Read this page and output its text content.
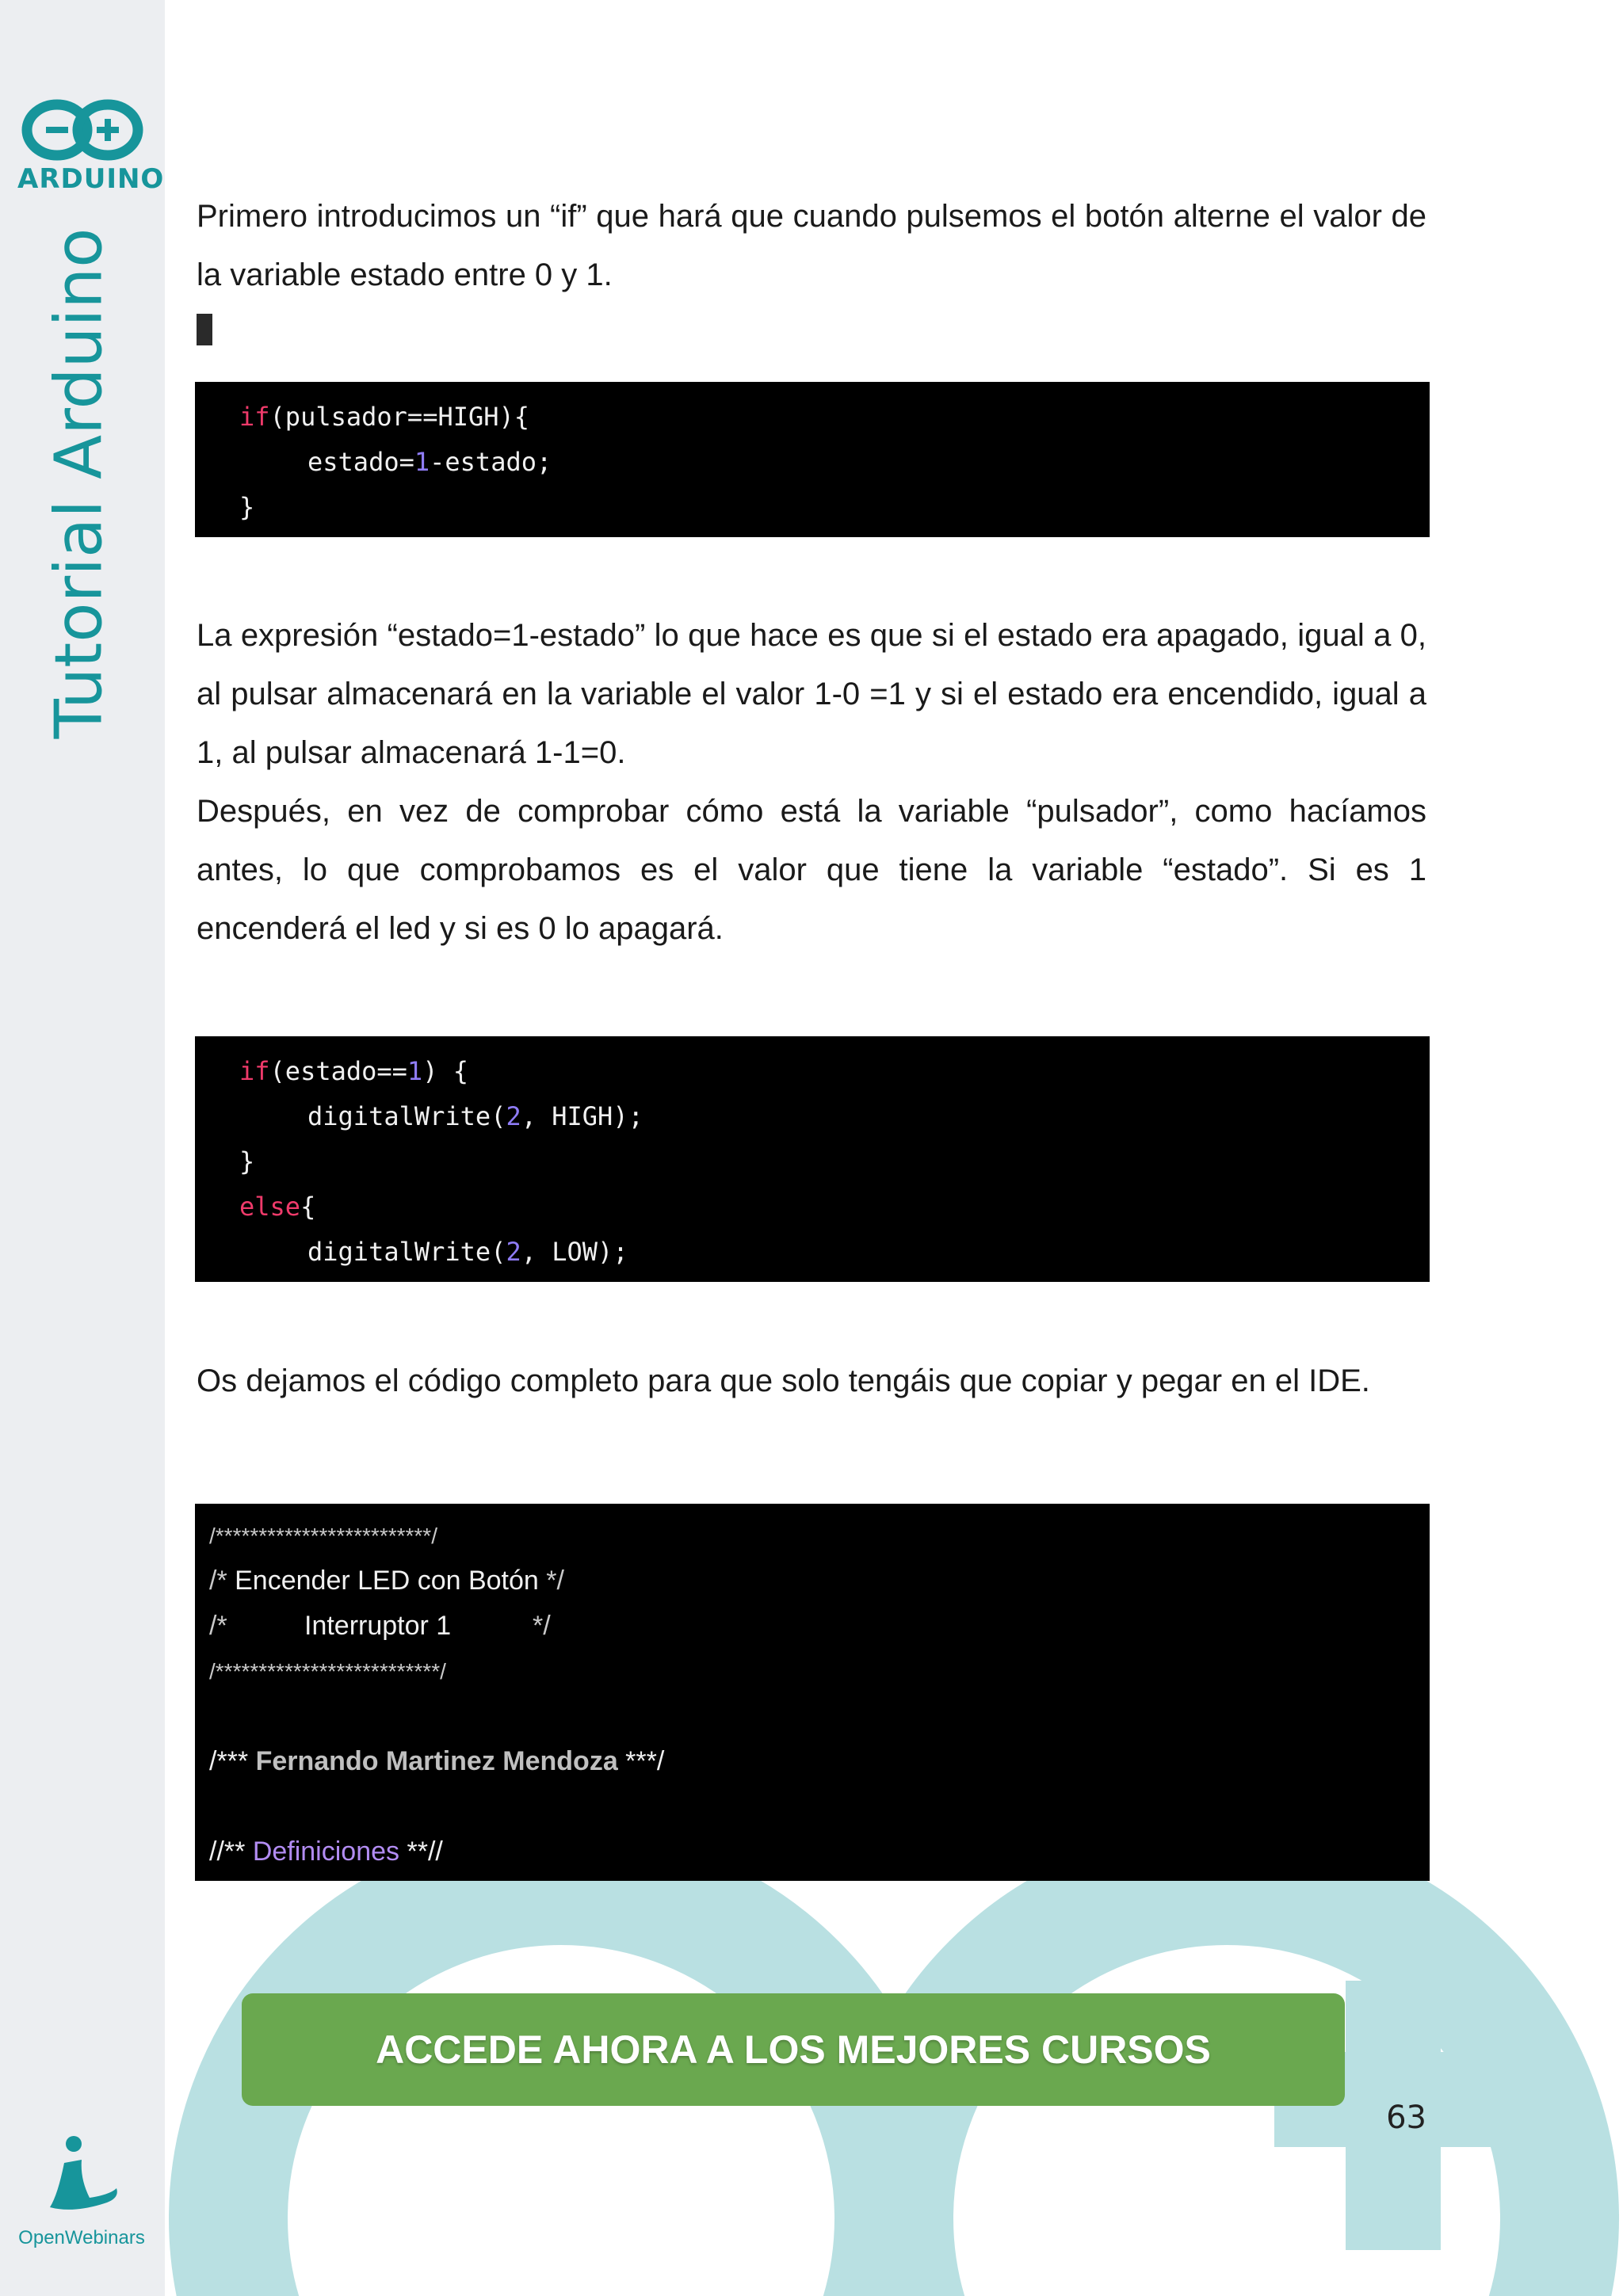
ARDUINO
Tutorial Arduino
OpenWebinars

Primero introducimos un “if” que hará que cuando pulsemos el botón alterne el valor de la variable estado entre 0 y 1.

if(pulsador==HIGH){
estado=1-estado;
}

La expresión “estado=1-estado” lo que hace es que si el estado era apagado, igual a 0, al pulsar almacenará en la variable el valor 1-0 =1 y si el estado era encendido, igual a 1, al pulsar almacenará 1-1=0.

Después, en vez de comprobar cómo está la variable “pulsador”, como hacíamos antes, lo que comprobamos es el valor que tiene la variable “estado”. Si es 1 encenderá el led y si es 0 lo apagará.

if(estado==1) {
digitalWrite(2, HIGH);
}
else{
digitalWrite(2, LOW);

Os dejamos el código completo para que solo tengáis que copiar y pegar en el IDE.

/*************************/
/* Encender LED con Botón */
/*	Interruptor 1	*/
/**************************/
/*** Fernando Martinez Mendoza ***/
//** Definiciones **//
ACCEDE AHORA A LOS MEJORES CURSOS
63
